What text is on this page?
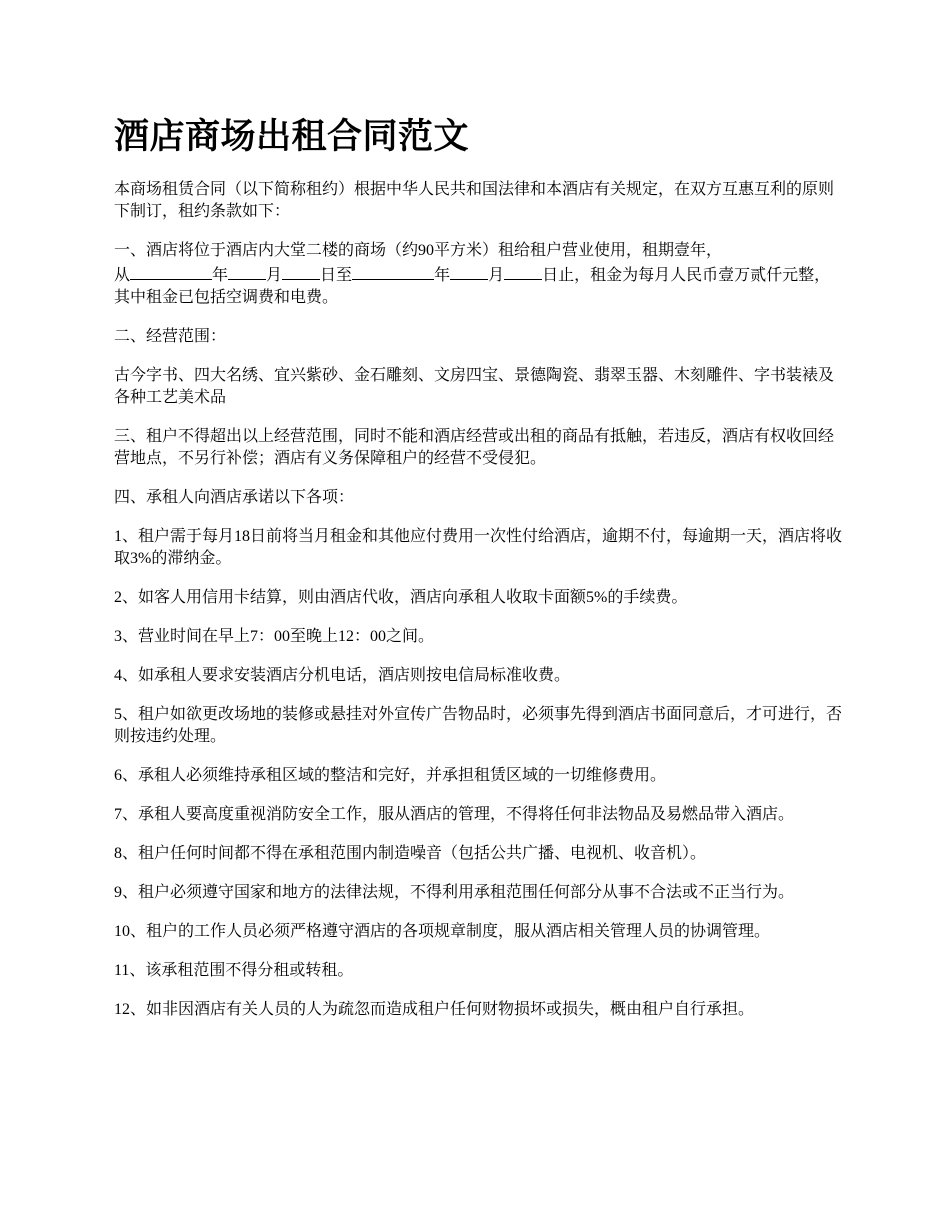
酒店商场出租合同范文

本商场租赁合同（以下简称租约）根据中华人民共和国法律和本酒店有关规定，在双方互惠互利的原则下制订，租约条款如下：

一、酒店将位于酒店内大堂二楼的商场（约90平方米）租给租户营业使用，租期壹年，
从	年 月 日至	年 月 日止，租金为每月人民币壹万贰仟元整，其中租金已包括空调费和电费。

二、经营范围：

古今字书、四大名绣、宜兴紫砂、金石雕刻、文房四宝、景德陶瓷、翡翠玉器、木刻雕件、字书装裱及各种工艺美术品

三、租户不得超出以上经营范围，同时不能和酒店经营或出租的商品有抵触，若违反，酒店有权收回经营地点，不另行补偿；酒店有义务保障租户的经营不受侵犯。

四、承租人向酒店承诺以下各项：

1、租户需于每月18日前将当月租金和其他应付费用一次性付给酒店，逾期不付，每逾期一天，酒店将收取3%的滞纳金。

2、如客人用信用卡结算，则由酒店代收，酒店向承租人收取卡面额5%的手续费。

3、营业时间在早上7：00至晚上12：00之间。

4、如承租人要求安装酒店分机电话，酒店则按电信局标准收费。

5、租户如欲更改场地的装修或悬挂对外宣传广告物品时，必须事先得到酒店书面同意后，才可进行，否则按违约处理。

6、承租人必须维持承租区域的整洁和完好，并承担租赁区域的一切维修费用。

7、承租人要高度重视消防安全工作，服从酒店的管理，不得将任何非法物品及易燃品带入酒店。

8、租户任何时间都不得在承租范围内制造噪音（包括公共广播、电视机、收音机）。

9、租户必须遵守国家和地方的法律法规，不得利用承租范围任何部分从事不合法或不正当行为。

10、租户的工作人员必须严格遵守酒店的各项规章制度，服从酒店相关管理人员的协调管理。

11、该承租范围不得分租或转租。

12、如非因酒店有关人员的人为疏忽而造成租户任何财物损坏或损失，概由租户自行承担。
